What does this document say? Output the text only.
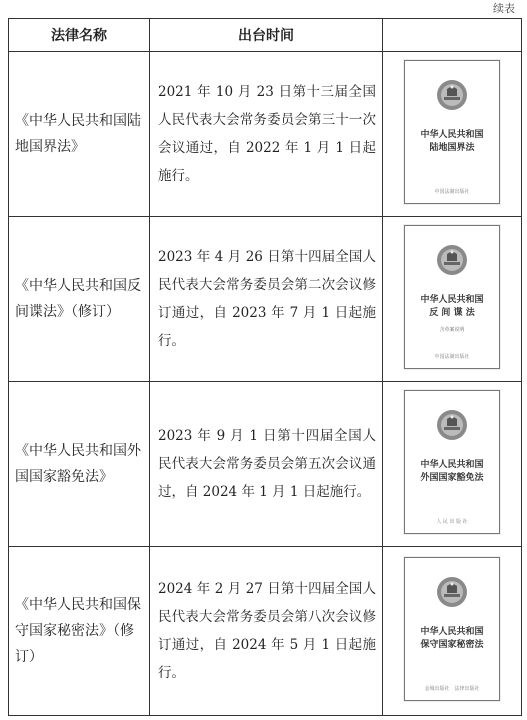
续表
法律名称	出台时间	
《中华人民共和国陆地国界法》	2021 年 10 月 23 日第十三届全国人民代表大会常务委员会第三十一次会议通过，自 2022 年 1 月 1 日起施行。	中华人民共和国
陆地国界法
中国法制出版社

《中华人民共和国反间谍法》（修订）	2023 年 4 月 26 日第十四届全国人民代表大会常务委员会第二次会议修订通过，自 2023 年 7 月 1 日起施行。	中华人民共和国
反 间 谍 法
含草案说明
中国法制出版社

《中华人民共和国外国国家豁免法》	2023 年 9 月 1 日第十四届全国人民代表大会常务委员会第五次会议通过，自 2024 年 1 月 1 日起施行。	中华人民共和国
外国国家豁免法
人 民 出 版 社

《中华人民共和国保守国家秘密法》（修订）	2024 年 2 月 27 日第十四届全国人民代表大会常务委员会第八次会议修订通过，自 2024 年 5 月 1 日起施行。	中华人民共和国
保守国家秘密法
金城出版社　法律出版社
